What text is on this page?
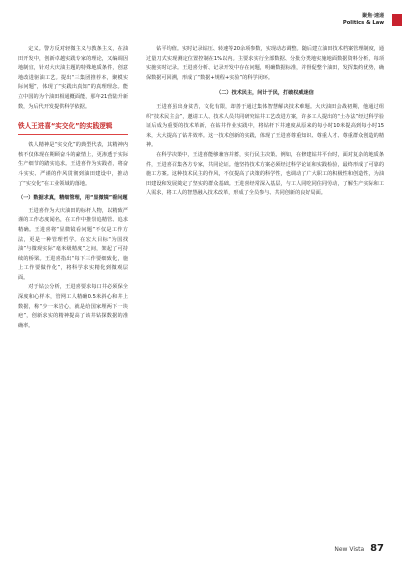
聚焦·速递
Politics & Law

定义。警方反对轻微主义与教条主义，在油田开发中，创新卓越实践专家的理论，又编调因地制宜，针对大庆油主题的特殊地质条件，创意地改进驱油工艺。提出“三集团推荐本，聚模实际问题”，体现了“实践出真知”的真理理念。能立中国的为个油田相通概面能，那年21营陆升新数，为后代开发提供科学依据。

铁人王进喜“实交化”的实践逻辑

铁人精神是“实交化”的典型代表，其精神内核不仅体现在期顾奋斗的豪情上，更渗透于实际生产细节的踏实追求。王进喜作为实践者，将奋斗实实、严谨的作风贯彻到油田建设中，推动了“实交化”在工业领域的落地。

（一）数据求真，精细管理，用“显微镜”看问题

王进喜作为大庆油田的标杆人物，以精致严谨的工作态度闻名，在工作中推崇追精管、追求精确。王进喜将“显微镜看问题”不仅是工作方法，更是一种管理哲学。在宏大目标“为国找油”与微观实际“毫米级精度”之间，架起了可持续的桥梁。王进喜指出“每下三作要细致化，施上工作要做作化”，将科学求实精化到微观层面。

对于钻公分析，王进喜要求每口井必须保全深度和心样本，管网工人精确0.5米斜心和井上数据，称“少一米岩心，就是给国家埋两下一块疤”，创新求实的精神提高了该井钻探数据的准确率。

钻平均值。实时记录钻压、转速等20余项参数，实现动态调整。随后建立油田技术档案管理制度，通过量刀式实现测定位置控制在1%以内。主要求实行全部数据、分批分类地实施地面数据资料分析，每项实施实时记录。王进喜分析、记录开发中存在问题，明确数据标准，并督促整个油田，发挥集约优势，确保数据可回溯，形成了“数据+规程+实验”的科学闭环。

（二）技术民主，问计于民，打破权威迷信

王进喜虽出身贫苦，文化有限，却善于通过集体智慧解决技术难题。大庆油田会战初期，他通过组织“技术民主会”，邀请工人、技术人员共同研究钻井工艺改进方案，许多工人提出的“土办法”经过科学验证后成为重要的技术革新，在钻井作业实践中，将钻杆下井速度从原来的每小时10米提高到每小时15米，大大提高了钻井效率。这一技术创新的实践，体现了王进喜尊重知识、尊重人才、尊重群众创造的精神。

在科学决策中，王进喜能够兼容并蓄，实行民主决策。例如，在修建钻井平台时，面对复杂的地质条件，王进喜召集各方专家，共同论证。他坚持技术方案必须经过科学论证和实践检验，最终形成了可靠的施工方案。这种技术民主的作风，不仅提高了决策的科学性，也调动了广大职工的积极性和创造性，为油田建设和发展奠定了坚实的群众基础。王进喜经常深入基层，与工人同吃同住同劳动，了解生产实际和工人需求，将工人的智慧融入技术改革，形成了全员参与、共同创新的良好局面。

New Vista 87
